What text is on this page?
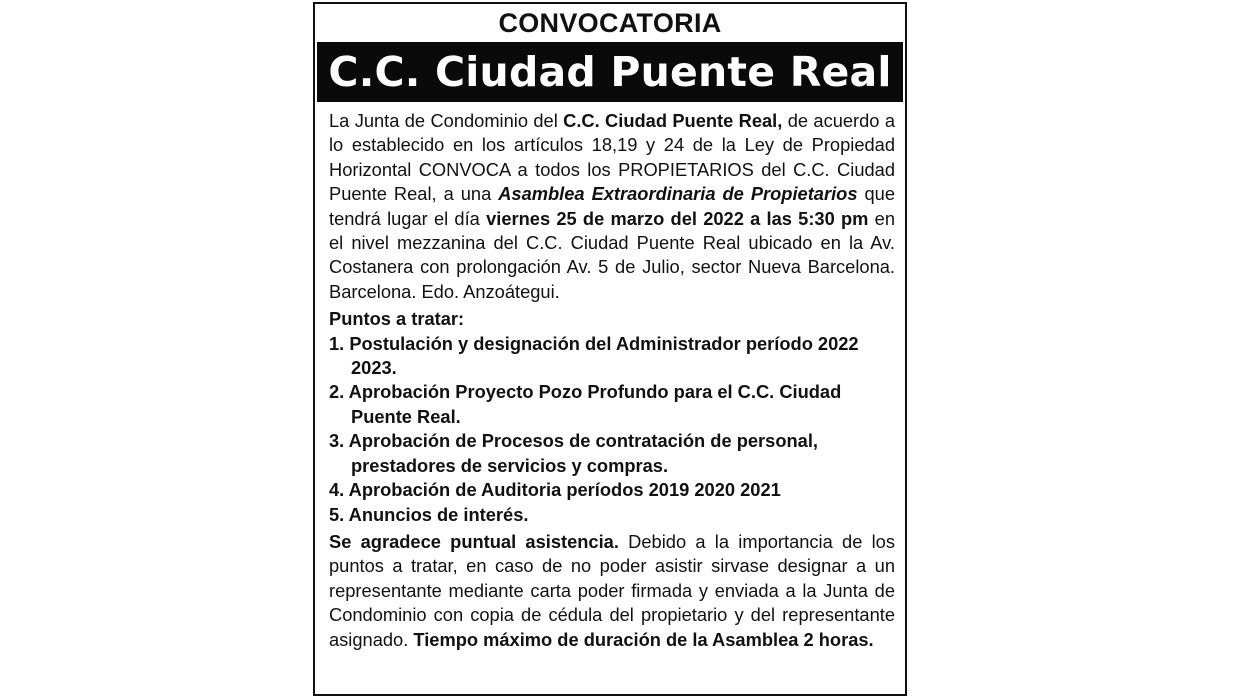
CONVOCATORIA
C.C. Ciudad Puente Real

La Junta de Condominio del C.C. Ciudad Puente Real, de acuerdo a lo establecido en los artículos 18,19 y 24 de la Ley de Propiedad Horizontal CONVOCA a todos los PROPIETARIOS del C.C. Ciudad Puente Real, a una Asamblea Extraordinaria de Propietarios que tendrá lugar el día viernes 25 de marzo del 2022 a las 5:30 pm en el nivel mezzanina del C.C. Ciudad Puente Real ubicado en la Av. Costanera con prolongación Av. 5 de Julio, sector Nueva Barcelona. Barcelona. Edo. Anzoátegui.

Puntos a tratar:

1. Postulación y designación del Administrador período 2022 2023.
2. Aprobación Proyecto Pozo Profundo para el C.C. Ciudad Puente Real.
3. Aprobación de Procesos de contratación de personal, prestadores de servicios y compras.
4. Aprobación de Auditoria períodos 2019 2020 2021
5. Anuncios de interés.

Se agradece puntual asistencia. Debido a la importancia de los puntos a tratar, en caso de no poder asistir sirvase designar a un representante mediante carta poder firmada y enviada a la Junta de Condominio con copia de cédula del propietario y del representante asignado. Tiempo máximo de duración de la Asamblea 2 horas.
